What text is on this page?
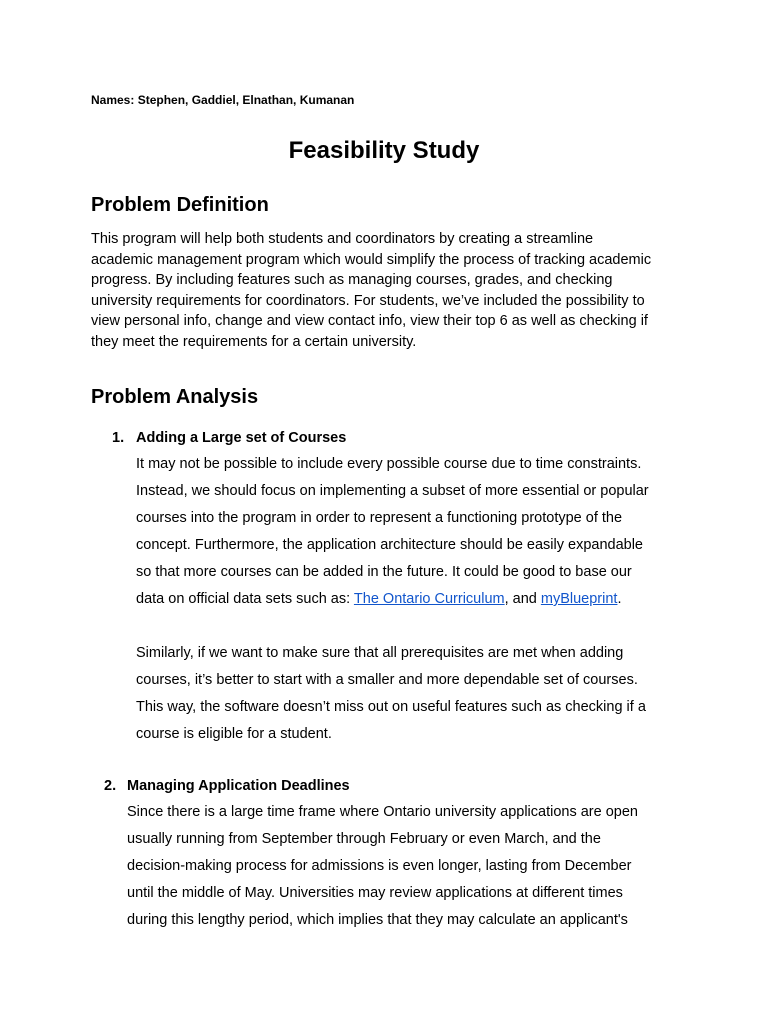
Names: Stephen, Gaddiel, Elnathan, Kumanan
Feasibility Study
Problem Definition

This program will help both students and coordinators by creating a streamline
academic management program which would simplify the process of tracking academic
progress. By including features such as managing courses, grades, and checking
university requirements for coordinators. For students, we’ve included the possibility to
view personal info, change and view contact info, view their top 6 as well as checking if
they meet the requirements for a certain university.

Problem Analysis
1. Adding a Large set of Courses
It may not be possible to include every possible course due to time constraints.
Instead, we should focus on implementing a subset of more essential or popular
courses into the program in order to represent a functioning prototype of the
concept. Furthermore, the application architecture should be easily expandable
so that more courses can be added in the future. It could be good to base our
data on official data sets such as: The Ontario Curriculum, and myBlueprint.
Similarly, if we want to make sure that all prerequisites are met when adding
courses, it’s better to start with a smaller and more dependable set of courses.
This way, the software doesn’t miss out on useful features such as checking if a
course is eligible for a student.
2. Managing Application Deadlines
Since there is a large time frame where Ontario university applications are open
usually running from September through February or even March, and the
decision-making process for admissions is even longer, lasting from December
until the middle of May. Universities may review applications at different times
during this lengthy period, which implies that they may calculate an applicant's
